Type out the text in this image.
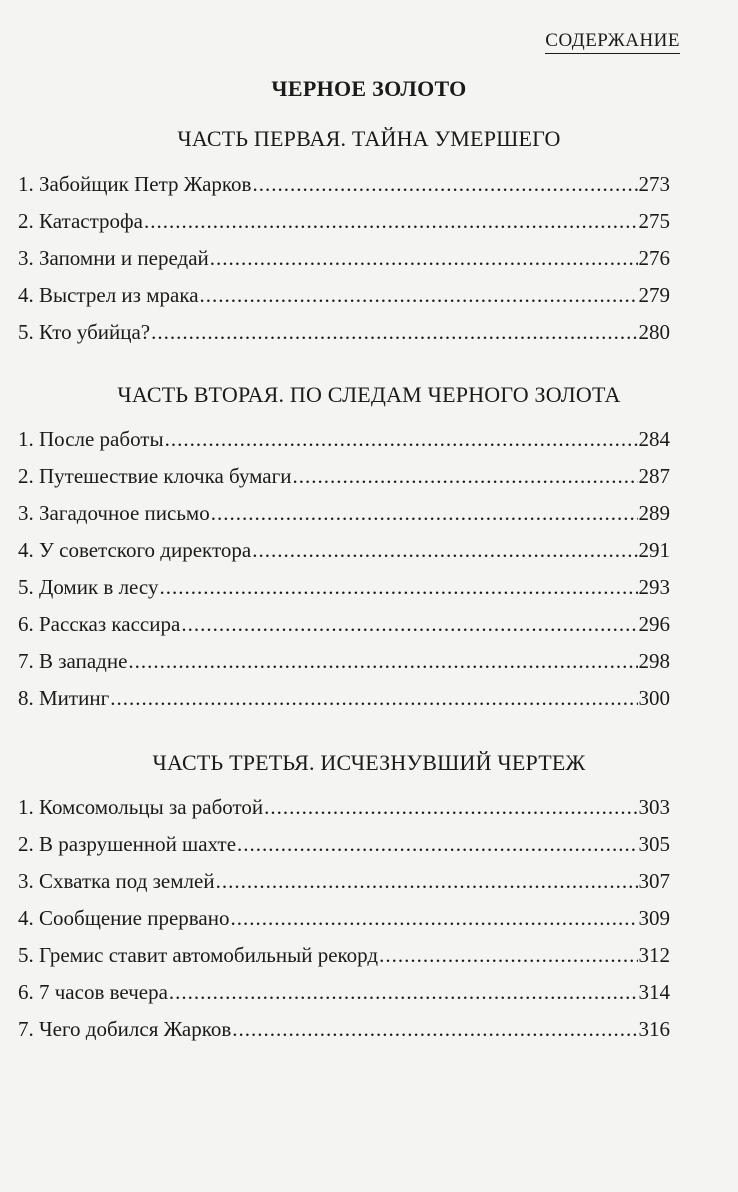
СОДЕРЖАНИЕ
ЧЕРНОЕ ЗОЛОТО
ЧАСТЬ ПЕРВАЯ. ТАЙНА УМЕРШЕГО
1. Забойщик Петр Жарков .....	273
2. Катастрофа .....	275
3. Запомни и передай .....	276
4. Выстрел из мрака .....	279
5. Кто убийца? .....	280
ЧАСТЬ ВТОРАЯ. ПО СЛЕДАМ ЧЕРНОГО ЗОЛОТА
1. После работы .....	284
2. Путешествие клочка бумаги .....	287
3. Загадочное письмо .....	289
4. У советского директора .....	291
5. Домик в лесу .....	293
6. Рассказ кассира .....	296
7. В западне .....	298
8. Митинг .....	300
ЧАСТЬ ТРЕТЬЯ. ИСЧЕЗНУВШИЙ ЧЕРТЕЖ
1. Комсомольцы за работой .....	303
2. В разрушенной шахте .....	305
3. Схватка под землей .....	307
4. Сообщение прервано .....	309
5. Гремис ставит автомобильный рекорд .....	312
6. 7 часов вечера .....	314
7. Чего добился Жарков .....	316
